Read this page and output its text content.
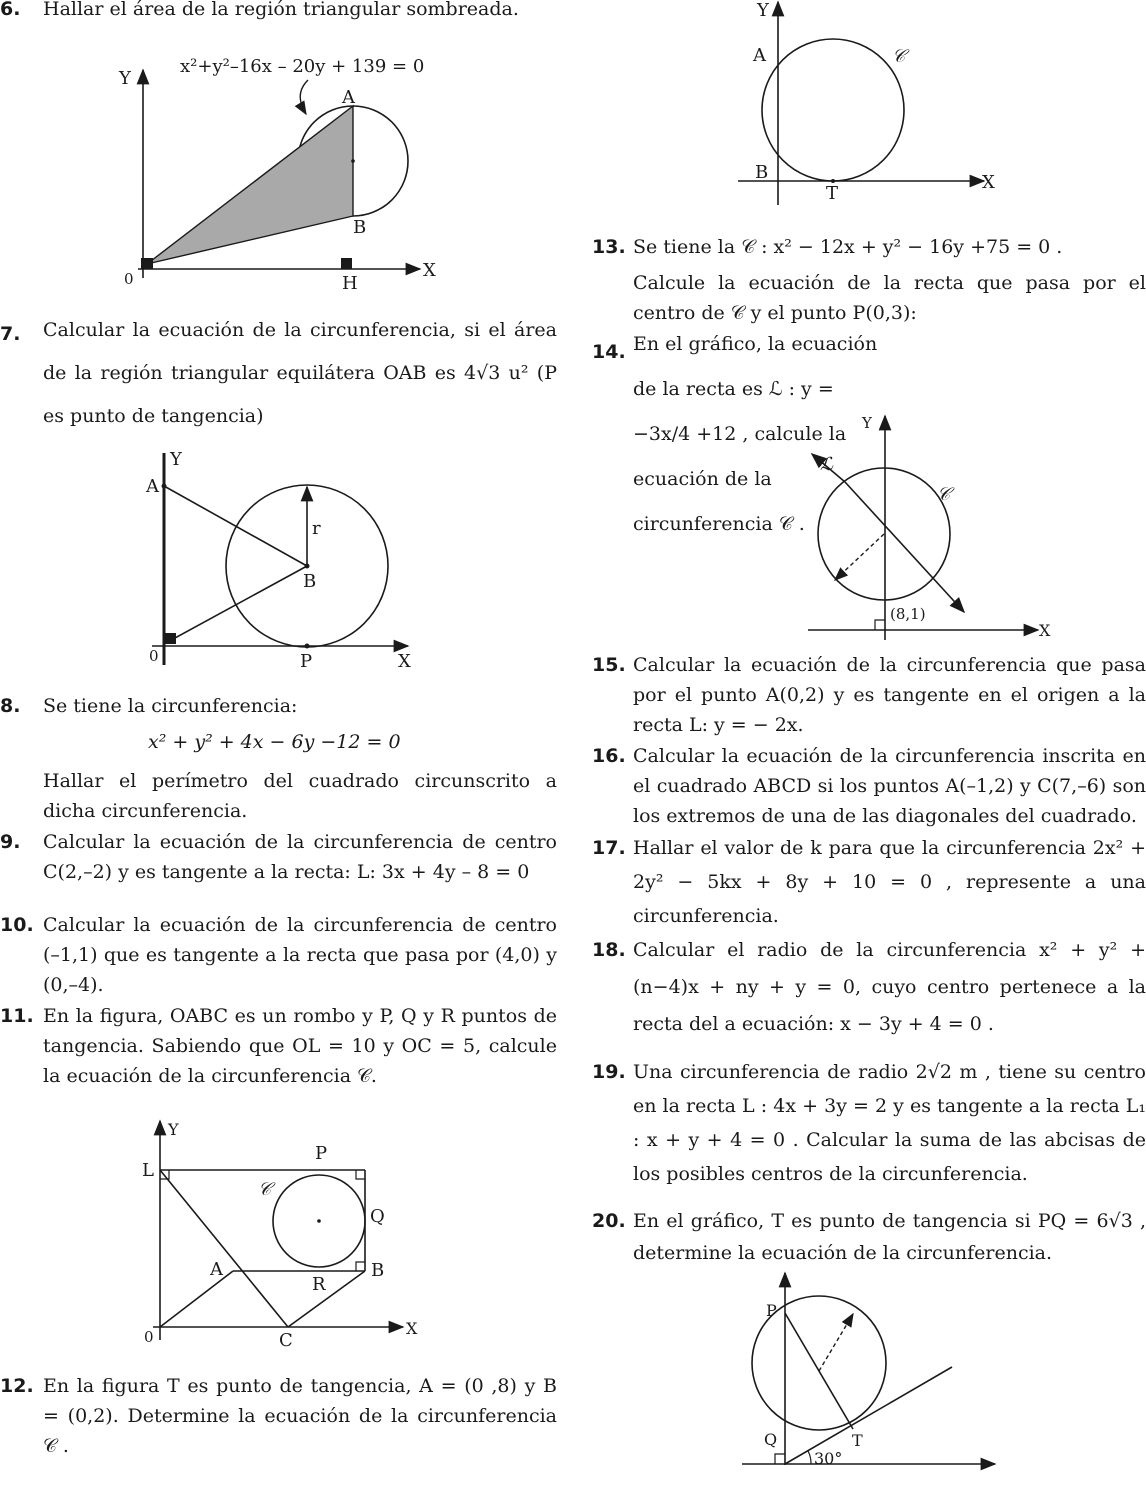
6. Hallar el área de la región triangular sombreada.
x²+y²–16x – 20y + 139 = 0
A
B
H
0	X
Y
7. Calcular la ecuación de la circunferencia, si el área de la región triangular equilátera OAB es 4√3 u² (P es punto de tangencia)
Y
A
r
B
0	P	X
8. Se tiene la circunferencia:
x² + y² + 4x − 6y −12 = 0
Hallar el perímetro del cuadrado circunscrito a dicha circunferencia.
9. Calcular la ecuación de la circunferencia de centro C(2,–2) y es tangente a la recta: L: 3x + 4y – 8 = 0
10. Calcular la ecuación de la circunferencia de centro (–1,1) que es tangente a la recta que pasa por (4,0) y (0,–4).
11. En la figura, OABC es un rombo y P, Q y R puntos de tangencia. Sabiendo que OL = 10 y OC = 5, calcule la ecuación de la circunferencia 𝒞.
Y
L
P
𝒞
Q
A
R
B
0	C
X
12. En la figura T es punto de tangencia, A = (0 ,8) y B = (0,2). Determine la ecuación de la circunferencia 𝒞 .
Y
A	𝒞
B
T
X
13. Se tiene la 𝒞 : x² − 12x + y² − 16y +75 = 0 .
Calcule la ecuación de la recta que pasa por el centro de 𝒞 y el punto P(0,3):
14. En el gráfico, la ecuación de la recta es ℒ : y = −3x/4 +12 , calcule la ecuación de la circunferencia 𝒞 .
Y
ℒ
𝒞
(8,1)
X
15. Calcular la ecuación de la circunferencia que pasa por el punto A(0,2) y es tangente en el origen a la recta L: y = − 2x.
16. Calcular la ecuación de la circunferencia inscrita en el cuadrado ABCD si los puntos A(–1,2) y C(7,–6) son los extremos de una de las diagonales del cuadrado.
17. Hallar el valor de k para que la circunferencia 2x² + 2y² − 5kx + 8y + 10 = 0 , represente a una circunferencia.
18. Calcular el radio de la circunferencia x² + y² + (n−4)x + ny + y = 0, cuyo centro pertenece a la recta del a ecuación: x − 3y + 4 = 0 .
19. Una circunferencia de radio 2√2 m , tiene su centro en la recta L : 4x + 3y = 2 y es tangente a la recta L₁ : x + y + 4 = 0 . Calcular la suma de las abcisas de los posibles centros de la circunferencia.
20. En el gráfico, T es punto de tangencia si PQ = 6√3 , determine la ecuación de la circunferencia.
P
Q	T
30°
